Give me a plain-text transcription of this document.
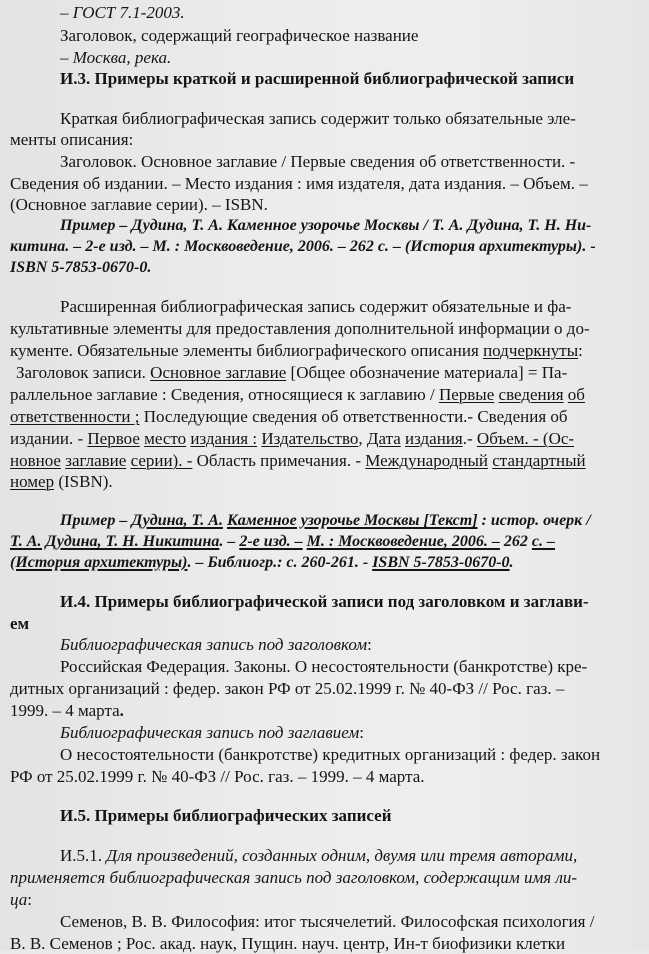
– ГОСТ 7.1-2003.
Заголовок, содержащий географическое название
– Москва, река.
И.3. Примеры краткой и расширенной библиографической записи
Краткая библиографическая запись содержит только обязательные эле-
менты описания:
Заголовок. Основное заглавие / Первые сведения об ответственности. -
Сведения об издании. – Место издания : имя издателя, дата издания. – Объем. –
(Основное заглавие серии). – ISBN.
Пример – Дудина, Т. А. Каменное узорочье Москвы / Т. А. Дудина, Т. Н. Ни-
китина. – 2-е изд. – М. : Москвоведение, 2006. – 262 с. – (История архитектуры). -
ISBN 5-7853-0670-0.
Расширенная библиографическая запись содержит обязательные и фа-
культативные элементы для предоставления дополнительной информации о до-
кументе. Обязательные элементы библиографического описания подчеркнуты:
Заголовок записи. Основное заглавие [Общее обозначение материала] = Па-
раллельное заглавие : Сведения, относящиеся к заглавию / Первые сведения об
ответственности ; Последующие сведения об ответственности.- Сведения об
издании. - Первое место издания : Издательство, Дата издания.- Объем. - (Ос-
новное заглавие серии). - Область примечания. - Международный стандартный
номер (ISBN).
Пример – Дудина, Т. А. Каменное узорочье Москвы [Текст] : истор. очерк /
Т. А. Дудина, Т. Н. Никитина. – 2-е изд. – М. : Москвоведение, 2006. – 262 с. –
(История архитектуры). – Библиогр.: с. 260-261. - ISBN 5-7853-0670-0.
И.4. Примеры библиографической записи под заголовком и заглави-
ем
Библиографическая запись под заголовком:
Российская Федерация. Законы. О несостоятельности (банкротстве) кре-
дитных организаций : федер. закон РФ от 25.02.1999 г. № 40-ФЗ // Рос. газ. –
1999. – 4 марта.
Библиографическая запись под заглавием:
О несостоятельности (банкротстве) кредитных организаций : федер. закон
РФ от 25.02.1999 г. № 40-ФЗ // Рос. газ. – 1999. – 4 марта.
И.5. Примеры библиографических записей
И.5.1. Для произведений, созданных одним, двумя или тремя авторами,
применяется библиографическая запись под заголовком, содержащим имя ли-
ца:
Семенов, В. В. Философия: итог тысячелетий. Философская психология /
В. В. Семенов ; Рос. акад. наук, Пущин. науч. центр, Ин-т биофизики клетки
